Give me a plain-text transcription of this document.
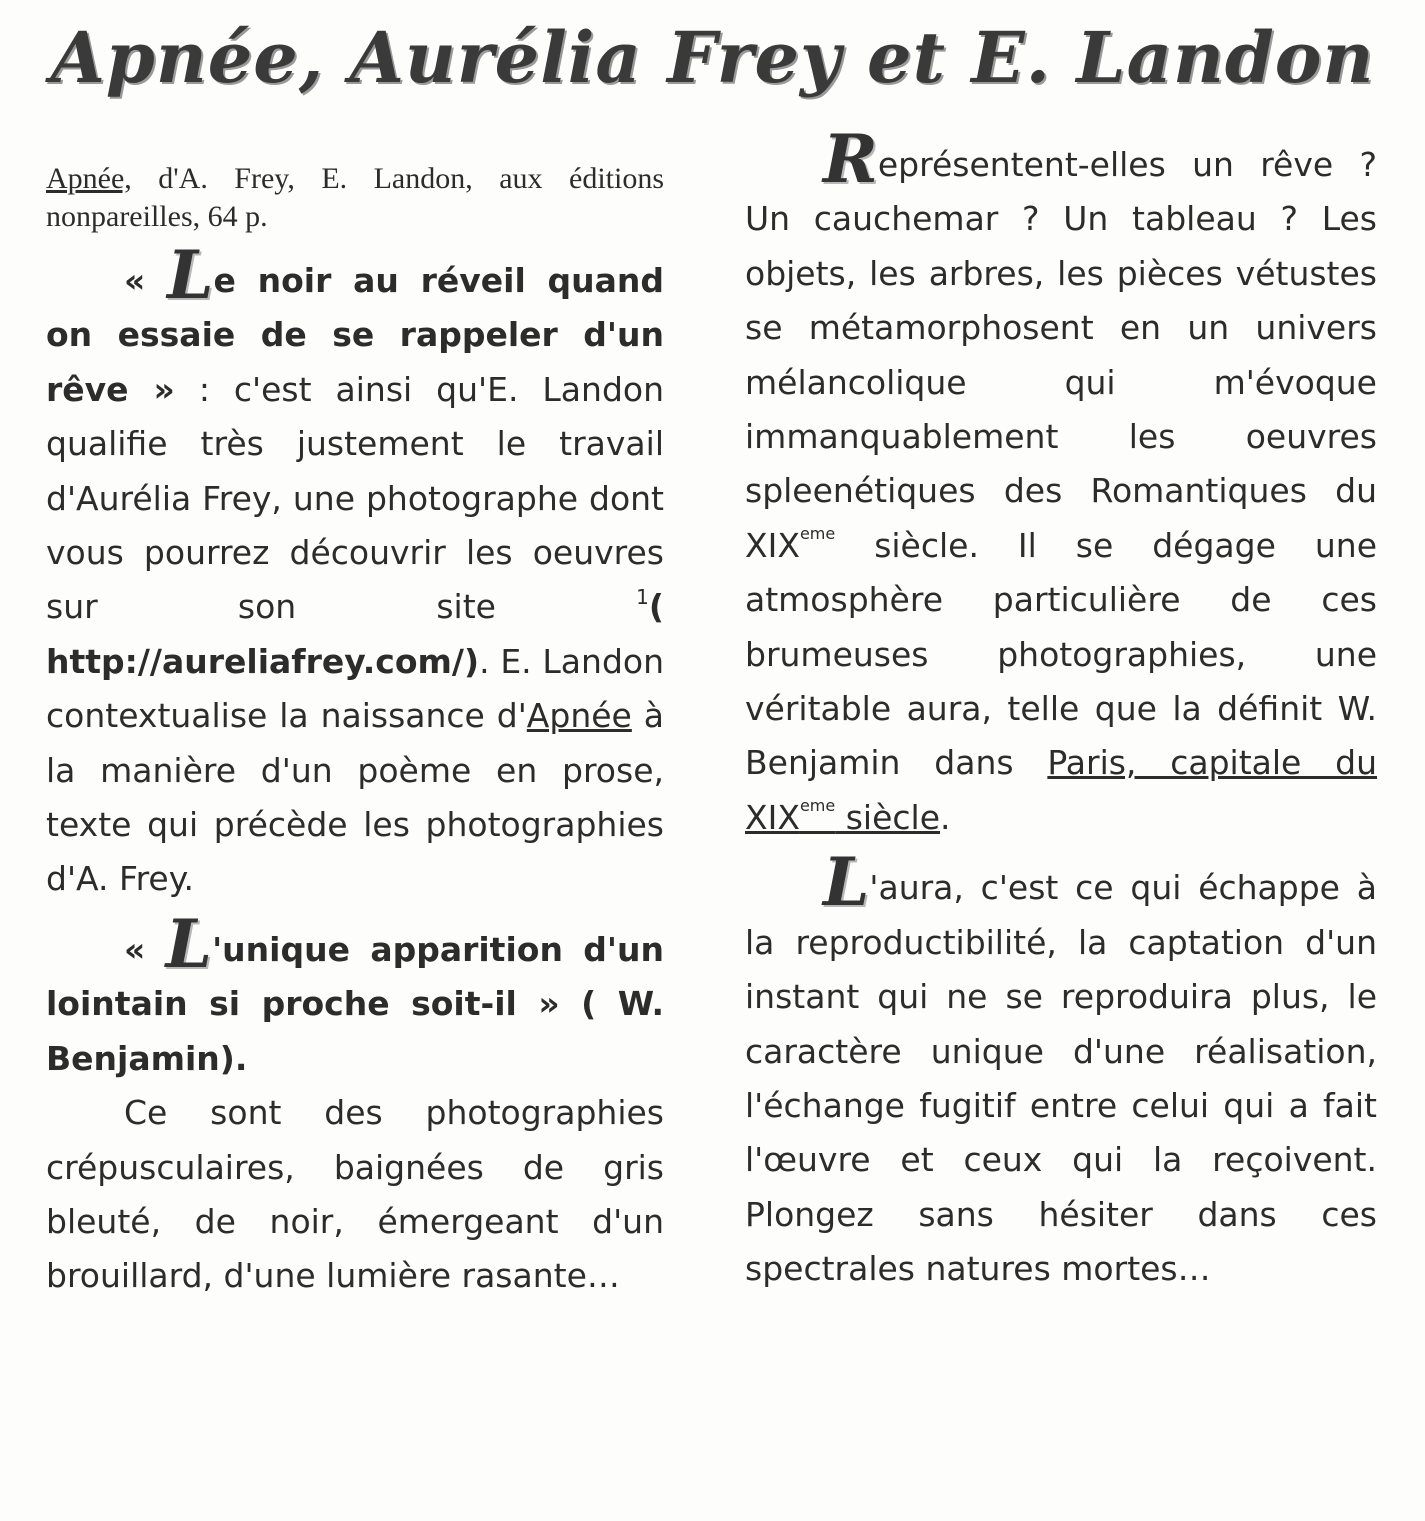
Apnée, Aurélia Frey et E. Landon

Apnée, d'A. Frey, E. Landon, aux éditions nonpareilles, 64 p.

« Le noir au réveil quand on essaie de se rappeler d'un rêve » : c'est ainsi qu'E. Landon qualifie très justement le travail d'Aurélia Frey, une photographe dont vous pourrez découvrir les oeuvres sur son site $^1$( http://aureliafrey.com/). E. Landon contextualise la naissance d'Apnée à la manière d'un poème en prose, texte qui précède les photographies d'A. Frey.

« L'unique apparition d'un lointain si proche soit-il » ( W. Benjamin).

Ce sont des photographies crépusculaires, baignées de gris bleuté, de noir, émergeant d'un brouillard, d'une lumière rasante…

Représentent-elles un rêve ? Un cauchemar ? Un tableau ? Les objets, les arbres, les pièces vétustes se métamorphosent en un univers mélancolique qui m'évoque immanquablement les oeuvres spleenétiques des Romantiques du XIXeme siècle. Il se dégage une atmosphère particulière de ces brumeuses photographies, une véritable aura, telle que la définit W. Benjamin dans Paris, capitale du XIXeme siècle.

L'aura, c'est ce qui échappe à la reproductibilité, la captation d'un instant qui ne se reproduira plus, le caractère unique d'une réalisation, l'échange fugitif entre celui qui a fait l'œuvre et ceux qui la reçoivent. Plongez sans hésiter dans ces spectrales natures mortes…
